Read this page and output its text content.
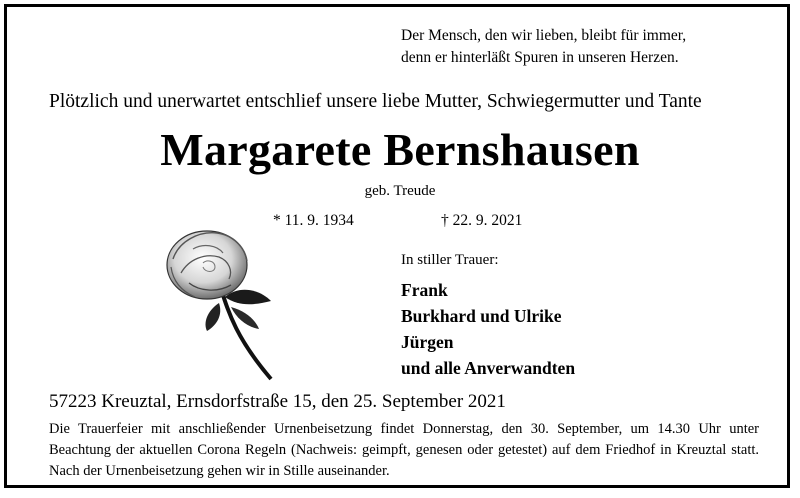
Der Mensch, den wir lieben, bleibt für immer,
denn er hinterläßt Spuren in unseren Herzen.
Plötzlich und unerwartet entschlief unsere liebe Mutter, Schwiegermutter und Tante
Margarete Bernshausen
geb. Treude
* 11. 9. 1934	† 22. 9. 2021
In stiller Trauer:
Frank
Burkhard und Ulrike
Jürgen
und alle Anverwandten
57223 Kreuztal, Ernsdorfstraße 15, den 25. September 2021
Die Trauerfeier mit anschließender Urnenbeisetzung findet Donnerstag, den 30. September, um 14.30 Uhr unter Beachtung der aktuellen Corona Regeln (Nachweis: geimpft, genesen oder getestet) auf dem Friedhof in Kreuztal statt. Nach der Urnenbeisetzung gehen wir in Stille auseinander.
